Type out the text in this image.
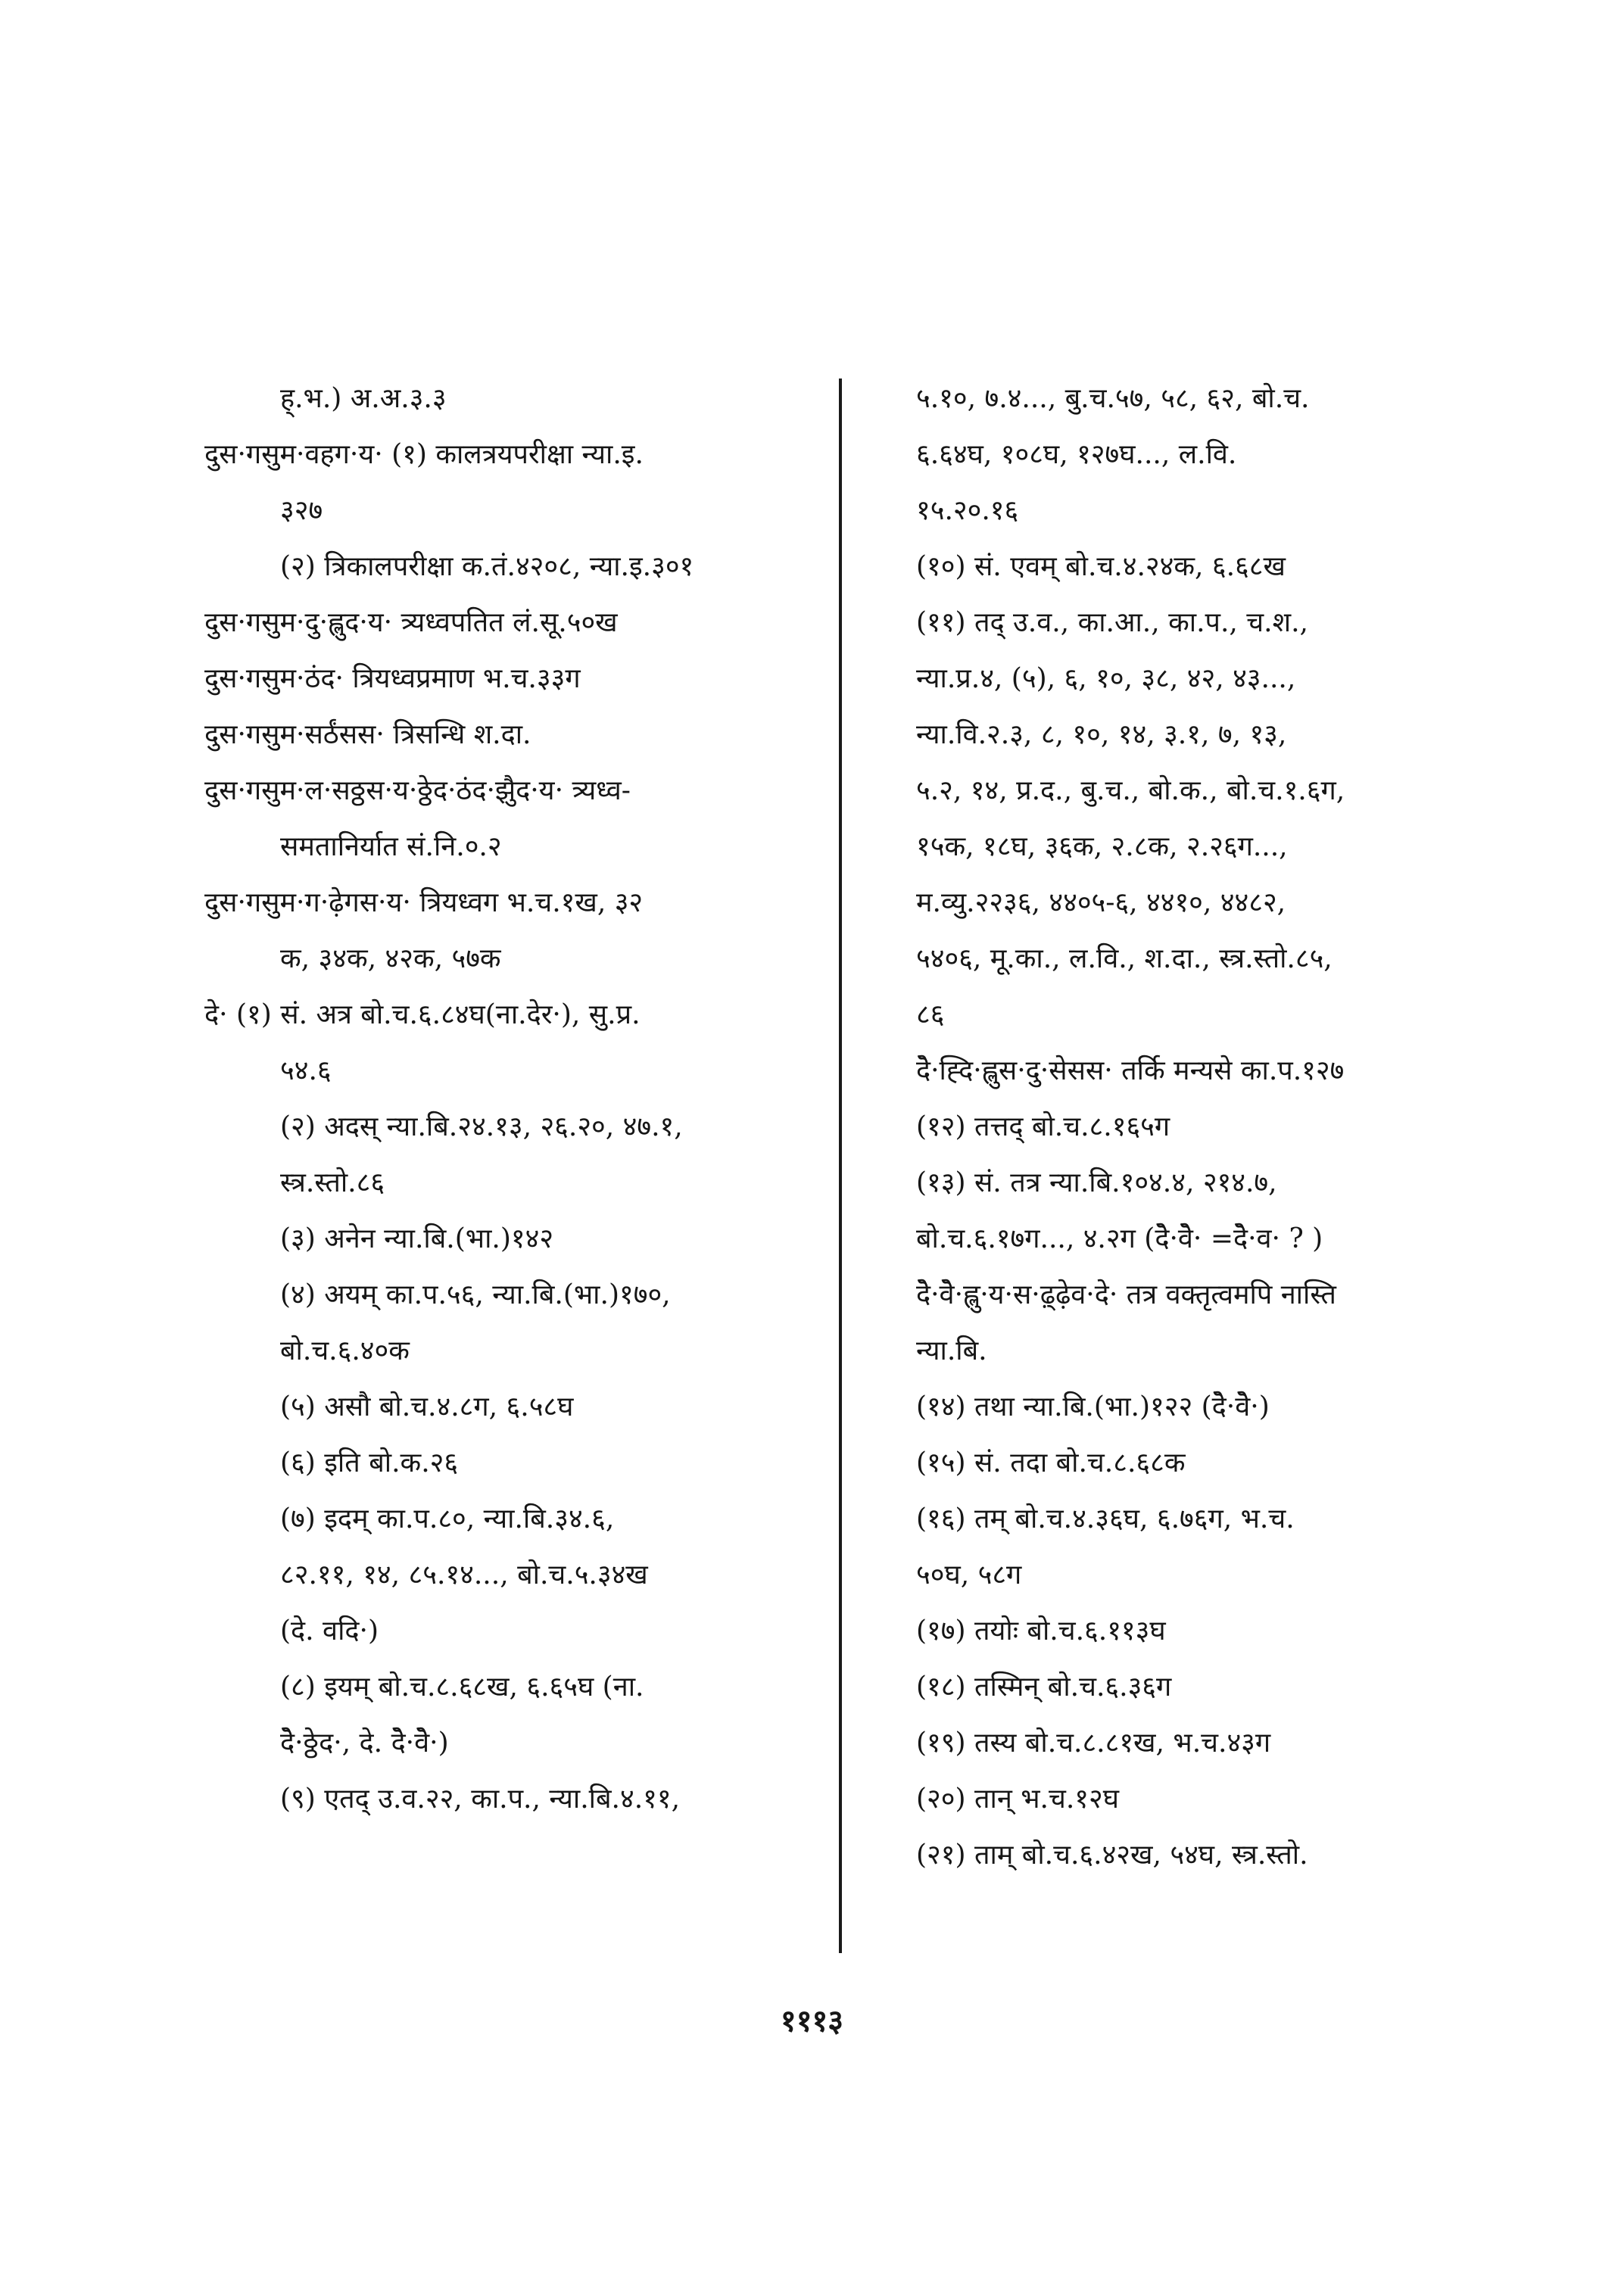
ह्.भ.) अ.अ.३.३
दुस·गसुम·वहग·य· (१) कालत्रयपरीक्षा न्या.इ.
३२७
(२) त्रिकालपरीक्षा क.तं.४२०८, न्या.इ.३०१
दुस·गसुम·दु·ह्लुद·य· त्र्यध्वपतित लं.सू.५०ख
दुस·गसुम·ठंद· त्रियध्वप्रमाण भ.च.३३ग
दुस·गसुम·सर्ठंसस· त्रिसन्धि श.दा.
दुस·गसुम·ल·सठ्ठस·य·ठ्ठेद·ठंद·झुैद·य· त्र्यध्व-
समतानिर्यात सं.नि.०.२
दुस·गसुम·ग·ढ़ेगस·य· त्रियध्वग भ.च.१ख, ३२
क, ३४क, ४२क, ५७क
दे· (१) सं. अत्र बो.च.६.८४घ(ना.देर·), सु.प्र.
५४.६
(२) अदस् न्या.बि.२४.१३, २६.२०, ४७.१,
स्त्र.स्तो.८६
(३) अनेन न्या.बि.(भा.)१४२
(४) अयम् का.प.५६, न्या.बि.(भा.)१७०,
बो.च.६.४०क
(५) असौ बो.च.४.८ग, ६.५८घ
(६) इति बो.क.२६
(७) इदम् का.प.८०, न्या.बि.३४.६,
८२.११, १४, ८५.१४..., बो.च.५.३४ख
(दे. वदि·)
(८) इयम् बो.च.८.६८ख, ६.६५घ (ना.
देॆ·ठ्ठेद·, दे. देॆ·वेॆ·)
(९) एतद् उ.व.२२, का.प., न्या.बि.४.११,
५.१०, ७.४..., बु.च.५७, ५८, ६२, बो.च.
६.६४घ, १०८घ, १२७घ..., ल.वि.
१५.२०.१६
(१०) सं. एवम् बो.च.४.२४क, ६.६८ख
(११) तद् उ.व., का.आ., का.प., च.श.,
न्या.प्र.४, (५), ६, १०, ३८, ४२, ४३...,
न्या.वि.२.३, ८, १०, १४, ३.१, ७, १३,
५.२, १४, प्र.द., बु.च., बो.क., बो.च.१.६ग,
१५क, १८घ, ३६क, २.८क, २.२६ग...,
म.व्यु.२२३६, ४४०५-६, ४४१०, ४४८२,
५४०६, मू.का., ल.वि., श.दा., स्त्र.स्तो.८५,
८६
देॆ·ह्दि·ह्लुस·दु·सेसस· तर्कि मन्यसे का.प.१२७
(१२) तत्तद् बो.च.८.१६५ग
(१३) सं. तत्र न्या.बि.१०४.४, २१४.७,
बो.च.६.१७ग..., ४.२ग (देॆ·वेॆ· =देॆ·व· ? )
देॆ·वेॆ·ह्लु·य·स·ढ़्ढ़ेव·दे· तत्र वक्तृत्वमपि नास्ति
न्या.बि.
(१४) तथा न्या.बि.(भा.)१२२ (देॆ·वेॆ·)
(१५) सं. तदा बो.च.८.६८क
(१६) तम् बो.च.४.३६घ, ६.७६ग, भ.च.
५०घ, ५८ग
(१७) तयोः बो.च.६.११३घ
(१८) तस्मिन् बो.च.६.३६ग
(१९) तस्य बो.च.८.८१ख, भ.च.४३ग
(२०) तान् भ.च.१२घ
(२१) ताम् बो.च.६.४२ख, ५४घ, स्त्र.स्तो.
१११३
